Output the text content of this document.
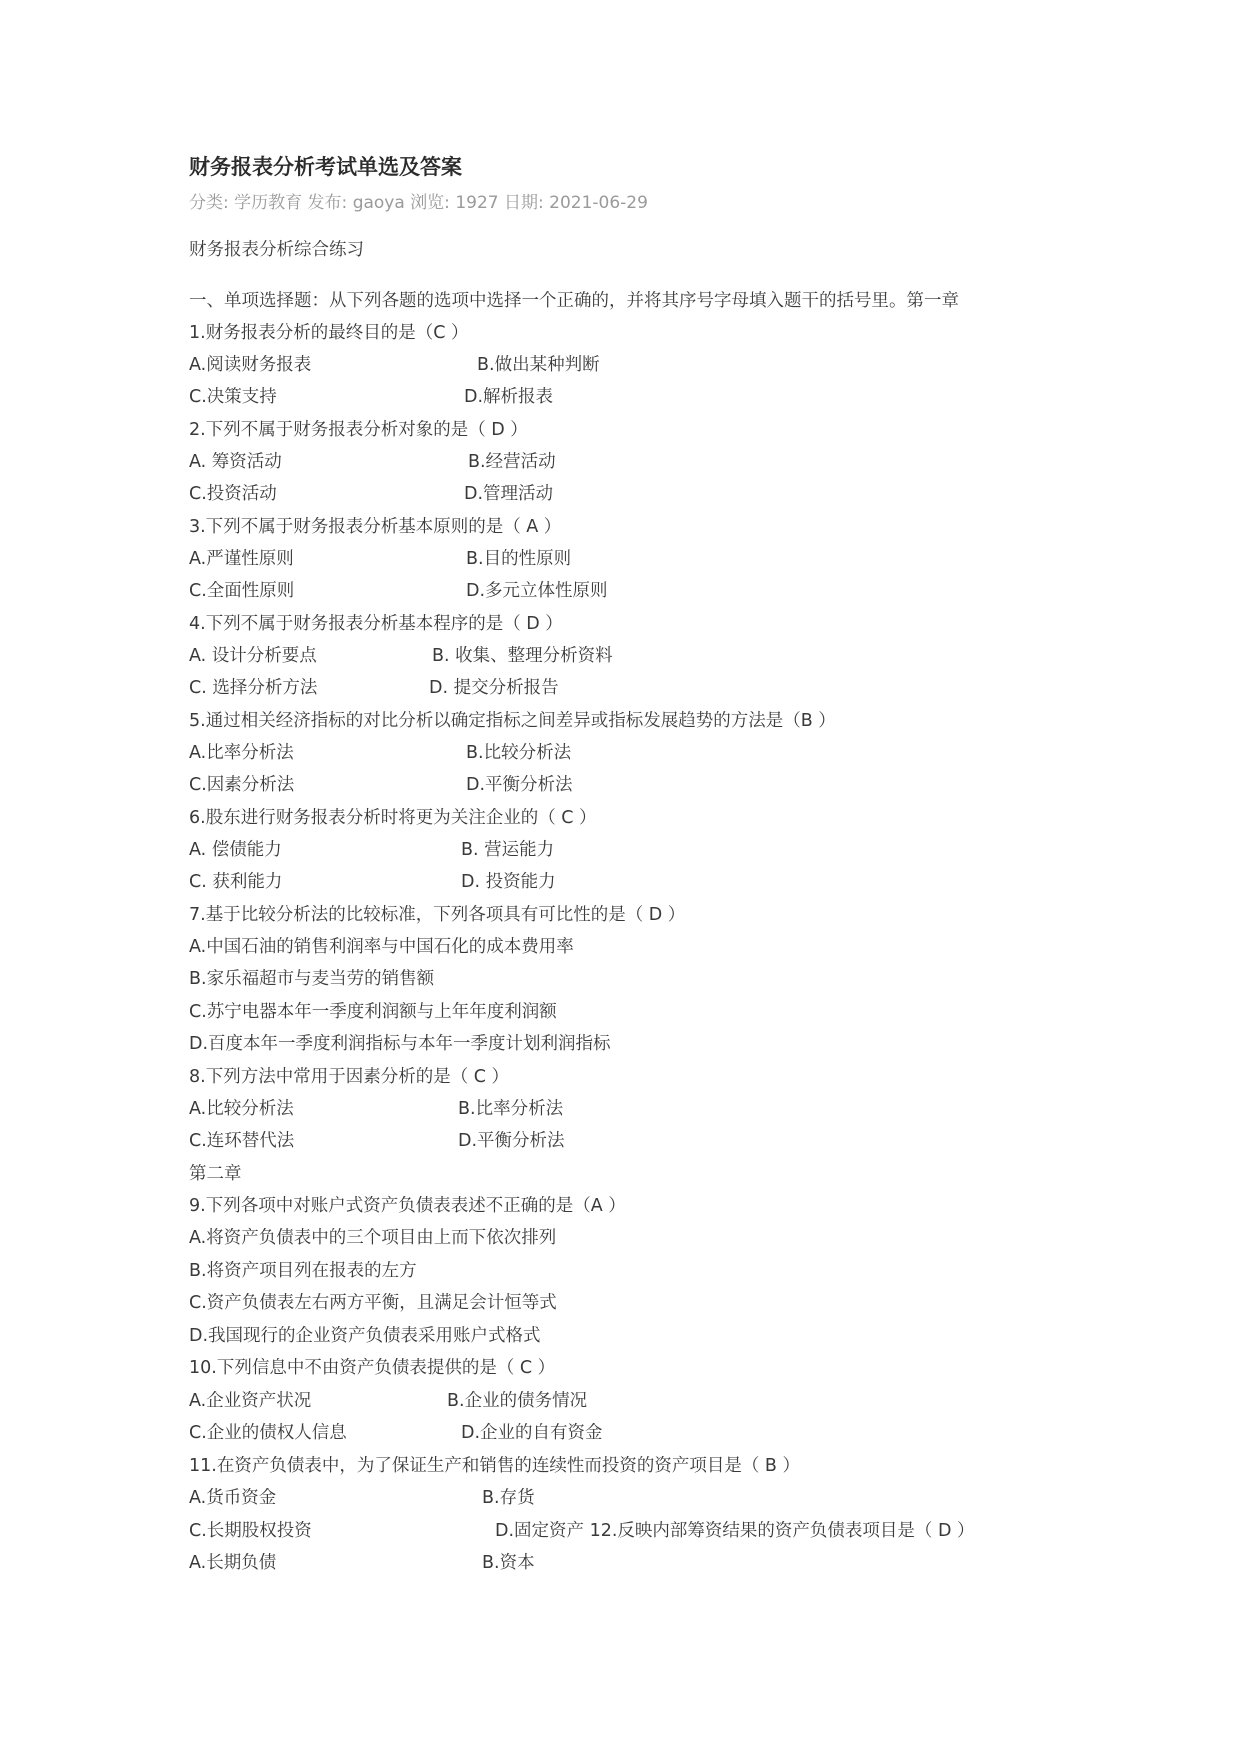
财务报表分析考试单选及答案
分类: 学历教育 发布: gaoya 浏览: 1927 日期: 2021-06-29
财务报表分析综合练习
一、单项选择题：从下列各题的选项中选择一个正确的，并将其序号字母填入题干的括号里。第一章
1.财务报表分析的最终目的是（C ）
A.阅读财务报表	B.做出某种判断
C.决策支持	D.解析报表
2.下列不属于财务报表分析对象的是（ D ）
A. 筹资活动	B.经营活动
C.投资活动	D.管理活动
3.下列不属于财务报表分析基本原则的是（ A ）
A.严谨性原则	B.目的性原则
C.全面性原则	D.多元立体性原则
4.下列不属于财务报表分析基本程序的是（ D ）
A. 设计分析要点	B. 收集、整理分析资料
C. 选择分析方法	D. 提交分析报告
5.通过相关经济指标的对比分析以确定指标之间差异或指标发展趋势的方法是（B ）
A.比率分析法	B.比较分析法
C.因素分析法	D.平衡分析法
6.股东进行财务报表分析时将更为关注企业的（ C ）
A. 偿债能力	B. 营运能力
C. 获利能力	D. 投资能力
7.基于比较分析法的比较标准，下列各项具有可比性的是（ D ）
A.中国石油的销售利润率与中国石化的成本费用率
B.家乐福超市与麦当劳的销售额
C.苏宁电器本年一季度利润额与上年年度利润额
D.百度本年一季度利润指标与本年一季度计划利润指标
8.下列方法中常用于因素分析的是（ C ）
A.比较分析法	B.比率分析法
C.连环替代法	D.平衡分析法
第二章
9.下列各项中对账户式资产负债表表述不正确的是（A ）
A.将资产负债表中的三个项目由上而下依次排列
B.将资产项目列在报表的左方
C.资产负债表左右两方平衡，且满足会计恒等式
D.我国现行的企业资产负债表采用账户式格式
10.下列信息中不由资产负债表提供的是（ C ）
A.企业资产状况	B.企业的债务情况
C.企业的债权人信息	D.企业的自有资金
11.在资产负债表中，为了保证生产和销售的连续性而投资的资产项目是（ B ）
A.货币资金	B.存货
C.长期股权投资	D.固定资产 12.反映内部筹资结果的资产负债表项目是（ D ）
A.长期负债	B.资本
